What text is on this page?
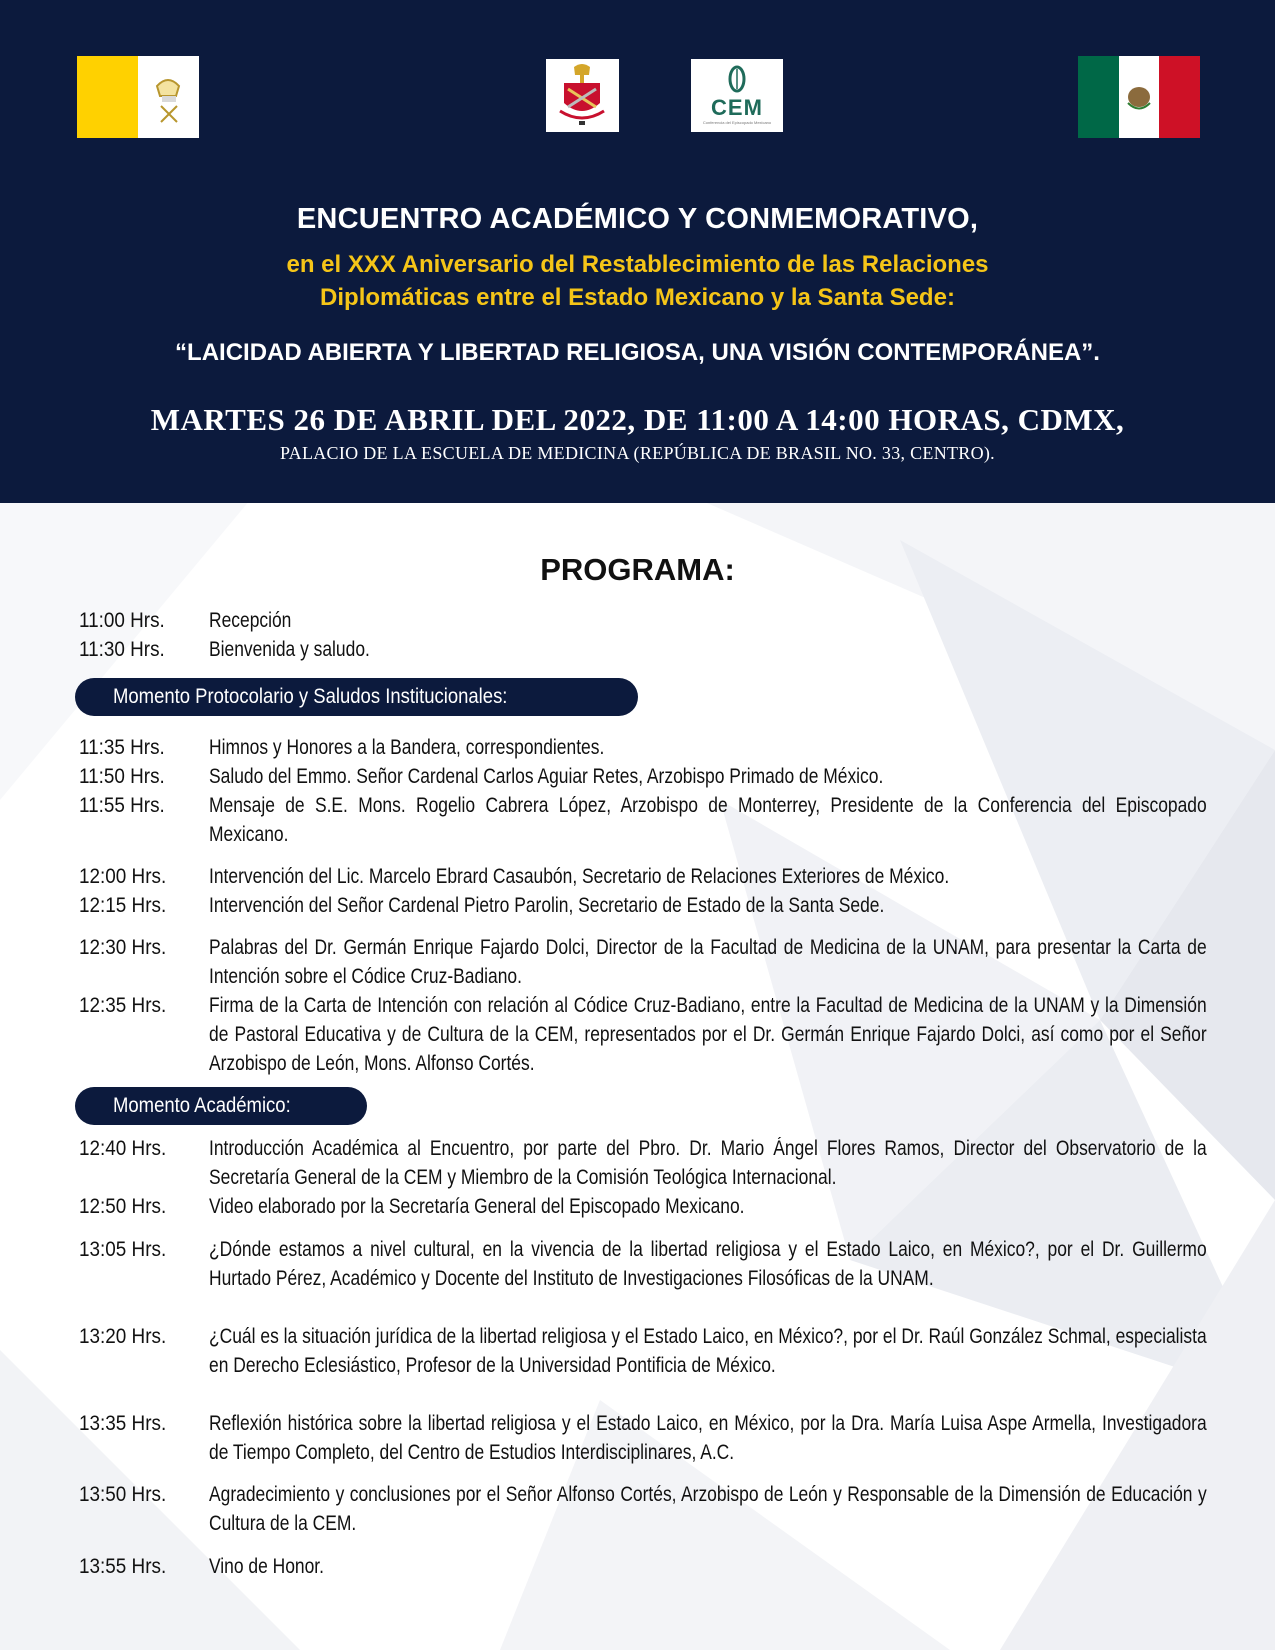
CEM
Conferencia del Episcopado Mexicano
ENCUENTRO ACADÉMICO Y CONMEMORATIVO,
en el XXX Aniversario del Restablecimiento de las Relaciones
Diplomáticas entre el Estado Mexicano y la Santa Sede:
“LAICIDAD ABIERTA Y LIBERTAD RELIGIOSA, UNA VISIÓN CONTEMPORÁNEA”.
MARTES 26 DE ABRIL DEL 2022, DE 11:00 A 14:00 HORAS, CDMX,
PALACIO DE LA ESCUELA DE MEDICINA (REPÚBLICA DE BRASIL NO. 33, CENTRO).
PROGRAMA:
11:00 Hrs.	Recepción
11:30 Hrs.	Bienvenida y saludo.
Momento Protocolario y Saludos Institucionales:
11:35 Hrs.	Himnos y Honores a la Bandera, correspondientes.
11:50 Hrs.	Saludo del Emmo. Señor Cardenal Carlos Aguiar Retes, Arzobispo Primado de México.
11:55 Hrs.	Mensaje de S.E. Mons. Rogelio Cabrera López, Arzobispo de Monterrey, Presidente de la Conferencia del Episcopado Mexicano.
12:00 Hrs.	Intervención del Lic. Marcelo Ebrard Casaubón, Secretario de Relaciones Exteriores de México.
12:15 Hrs.	Intervención del Señor Cardenal Pietro Parolin, Secretario de Estado de la Santa Sede.
12:30 Hrs.	Palabras del Dr. Germán Enrique Fajardo Dolci, Director de la Facultad de Medicina de la UNAM, para presentar la Carta de Intención sobre el Códice Cruz-Badiano.
12:35 Hrs.	Firma de la Carta de Intención con relación al Códice Cruz-Badiano, entre la Facultad de Medicina de la UNAM y la Dimensión de Pastoral Educativa y de Cultura de la CEM, representados por el Dr. Germán Enrique Fajardo Dolci, así como por el Señor Arzobispo de León, Mons. Alfonso Cortés.
Momento Académico:
12:40 Hrs.	Introducción Académica al Encuentro, por parte del Pbro. Dr. Mario Ángel Flores Ramos, Director del Observatorio de la Secretaría General de la CEM y Miembro de la Comisión Teológica Internacional.
12:50 Hrs.	Video elaborado por la Secretaría General del Episcopado Mexicano.
13:05 Hrs.	¿Dónde estamos a nivel cultural, en la vivencia de la libertad religiosa y el Estado Laico, en México?, por el Dr. Guillermo Hurtado Pérez, Académico y Docente del Instituto de Investigaciones Filosóficas de la UNAM.
13:20 Hrs.	¿Cuál es la situación jurídica de la libertad religiosa y el Estado Laico, en México?, por el Dr. Raúl González Schmal, especialista en Derecho Eclesiástico, Profesor de la Universidad Pontificia de México.
13:35 Hrs.	Reflexión histórica sobre la libertad religiosa y el Estado Laico, en México, por la Dra. María Luisa Aspe Armella, Investigadora de Tiempo Completo, del Centro de Estudios Interdisciplinares, A.C.
13:50 Hrs.	Agradecimiento y conclusiones por el Señor Alfonso Cortés, Arzobispo de León y Responsable de la Dimensión de Educación y Cultura de la CEM.
13:55 Hrs.	Vino de Honor.
